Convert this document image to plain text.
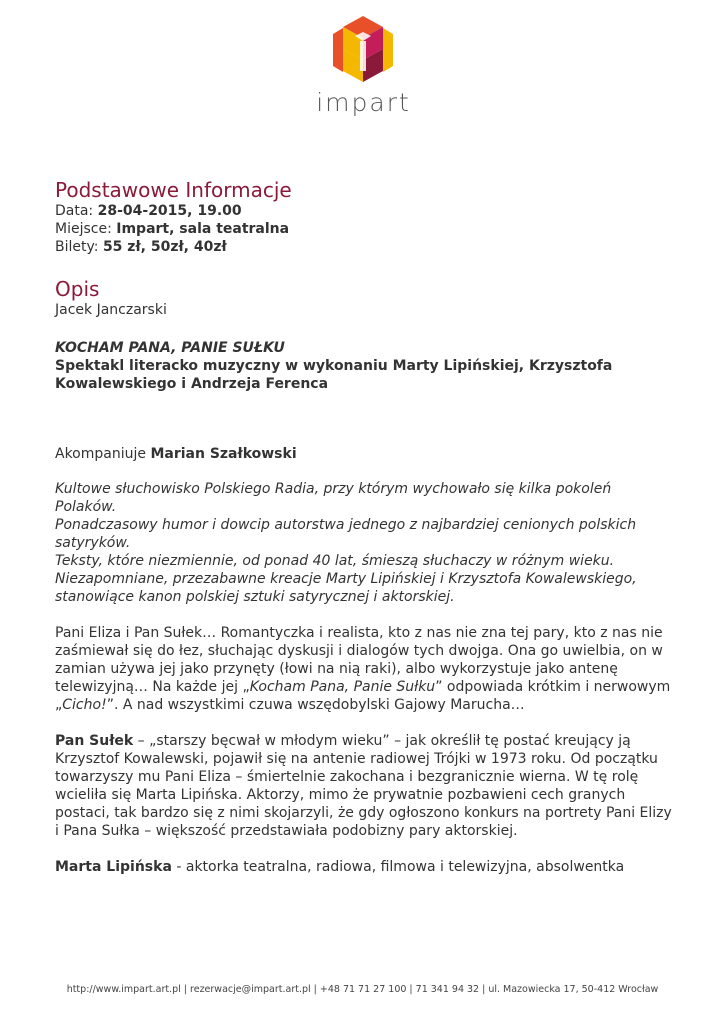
impart
Podstawowe Informacje

Data: 28-04-2015, 19.00

Miejsce: Impart, sala teatralna

Bilety: 55 zł, 50zł, 40zł

Opis

Jacek Janczarski

KOCHAM PANA, PANIE SUŁKU

Spektakl literacko muzyczny w wykonaniu Marty Lipińskiej, Krzysztofa Kowalewskiego i Andrzeja Ferenca

Akompaniuje Marian Szałkowski

Kultowe słuchowisko Polskiego Radia, przy którym wychowało się kilka pokoleń Polaków.

Ponadczasowy humor i dowcip autorstwa jednego z najbardziej cenionych polskich satyryków.

Teksty, które niezmiennie, od ponad 40 lat, śmieszą słuchaczy w różnym wieku.

Niezapomniane, przezabawne kreacje Marty Lipińskiej i Krzysztofa Kowalewskiego, stanowiące kanon polskiej sztuki satyrycznej i aktorskiej.

Pani Eliza i Pan Sułek… Romantyczka i realista, kto z nas nie zna tej pary, kto z nas nie zaśmiewał się do łez, słuchając dyskusji i dialogów tych dwojga. Ona go uwielbia, on w zamian używa jej jako przynęty (łowi na nią raki), albo wykorzystuje jako antenę telewizyjną… Na każde jej „Kocham Pana, Panie Sułku” odpowiada krótkim i nerwowym „Cicho!”. A nad wszystkimi czuwa wszędobylski Gajowy Marucha…

Pan Sułek – „starszy bęcwał w młodym wieku” – jak określił tę postać kreujący ją Krzysztof Kowalewski, pojawił się na antenie radiowej Trójki w 1973 roku. Od początku towarzyszy mu Pani Eliza – śmiertelnie zakochana i bezgranicznie wierna. W tę rolę wcieliła się Marta Lipińska. Aktorzy, mimo że prywatnie pozbawieni cech granych postaci, tak bardzo się z nimi skojarzyli, że gdy ogłoszono konkurs na portrety Pani Elizy i Pana Sułka – większość przedstawiała podobizny pary aktorskiej.

Marta Lipińska - aktorka teatralna, radiowa, filmowa i telewizyjna, absolwentka

http://www.impart.art.pl | rezerwacje@impart.art.pl | +48 71 71 27 100 | 71 341 94 32 | ul. Mazowiecka 17, 50-412 Wrocław
